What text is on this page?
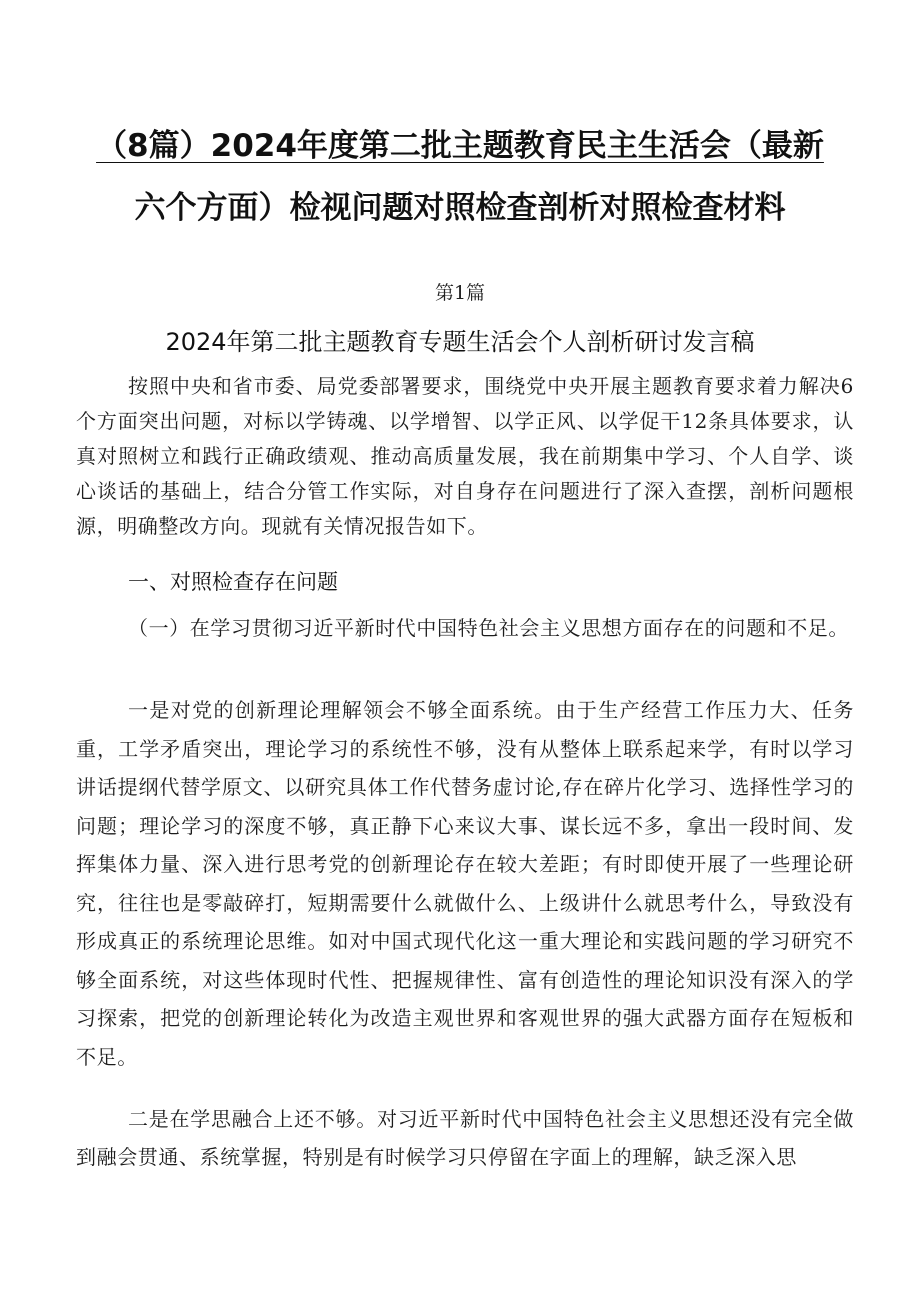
（8篇）2024年度第二批主题教育民主生活会（最新
六个方面）检视问题对照检查剖析对照检查材料
第1篇
2024年第二批主题教育专题生活会个人剖析研讨发言稿

按照中央和省市委、局党委部署要求，围绕党中央开展主题教育要求着力解决6个方面突出问题，对标以学铸魂、以学增智、以学正风、以学促干12条具体要求，认真对照树立和践行正确政绩观、推动高质量发展，我在前期集中学习、个人自学、谈心谈话的基础上，结合分管工作实际，对自身存在问题进行了深入查摆，剖析问题根源，明确整改方向。现就有关情况报告如下。

一、对照检查存在问题

（一）在学习贯彻习近平新时代中国特色社会主义思想方面存在的问题和不足。

一是对党的创新理论理解领会不够全面系统。由于生产经营工作压力大、任务重，工学矛盾突出，理论学习的系统性不够，没有从整体上联系起来学，有时以学习讲话提纲代替学原文、以研究具体工作代替务虚讨论,存在碎片化学习、选择性学习的问题；理论学习的深度不够，真正静下心来议大事、谋长远不多，拿出一段时间、发挥集体力量、深入进行思考党的创新理论存在较大差距；有时即使开展了一些理论研究，往往也是零敲碎打，短期需要什么就做什么、上级讲什么就思考什么，导致没有形成真正的系统理论思维。如对中国式现代化这一重大理论和实践问题的学习研究不够全面系统，对这些体现时代性、把握规律性、富有创造性的理论知识没有深入的学习探索，把党的创新理论转化为改造主观世界和客观世界的强大武器方面存在短板和不足。

二是在学思融合上还不够。对习近平新时代中国特色社会主义思想还没有完全做到融会贯通、系统掌握，特别是有时候学习只停留在字面上的理解，缺乏深入思
